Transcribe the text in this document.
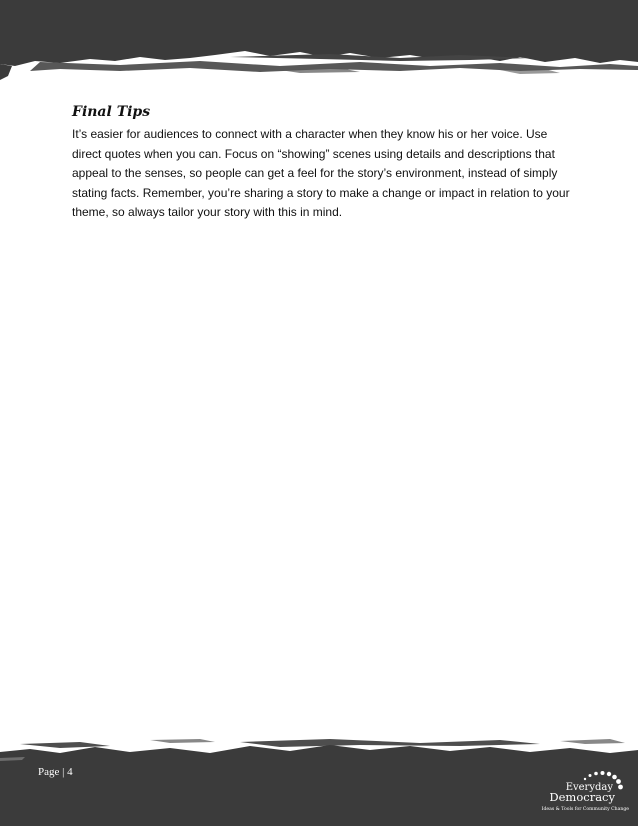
Final Tips

It’s easier for audiences to connect with a character when they know his or her voice. Use direct quotes when you can. Focus on “showing” scenes using details and descriptions that appeal to the senses, so people can get a feel for the story’s environment, instead of simply stating facts. Remember, you’re sharing a story to make a change or impact in relation to your theme, so always tailor your story with this in mind.

Page | 4
Everyday
Democracy
Ideas & Tools for Community Change
